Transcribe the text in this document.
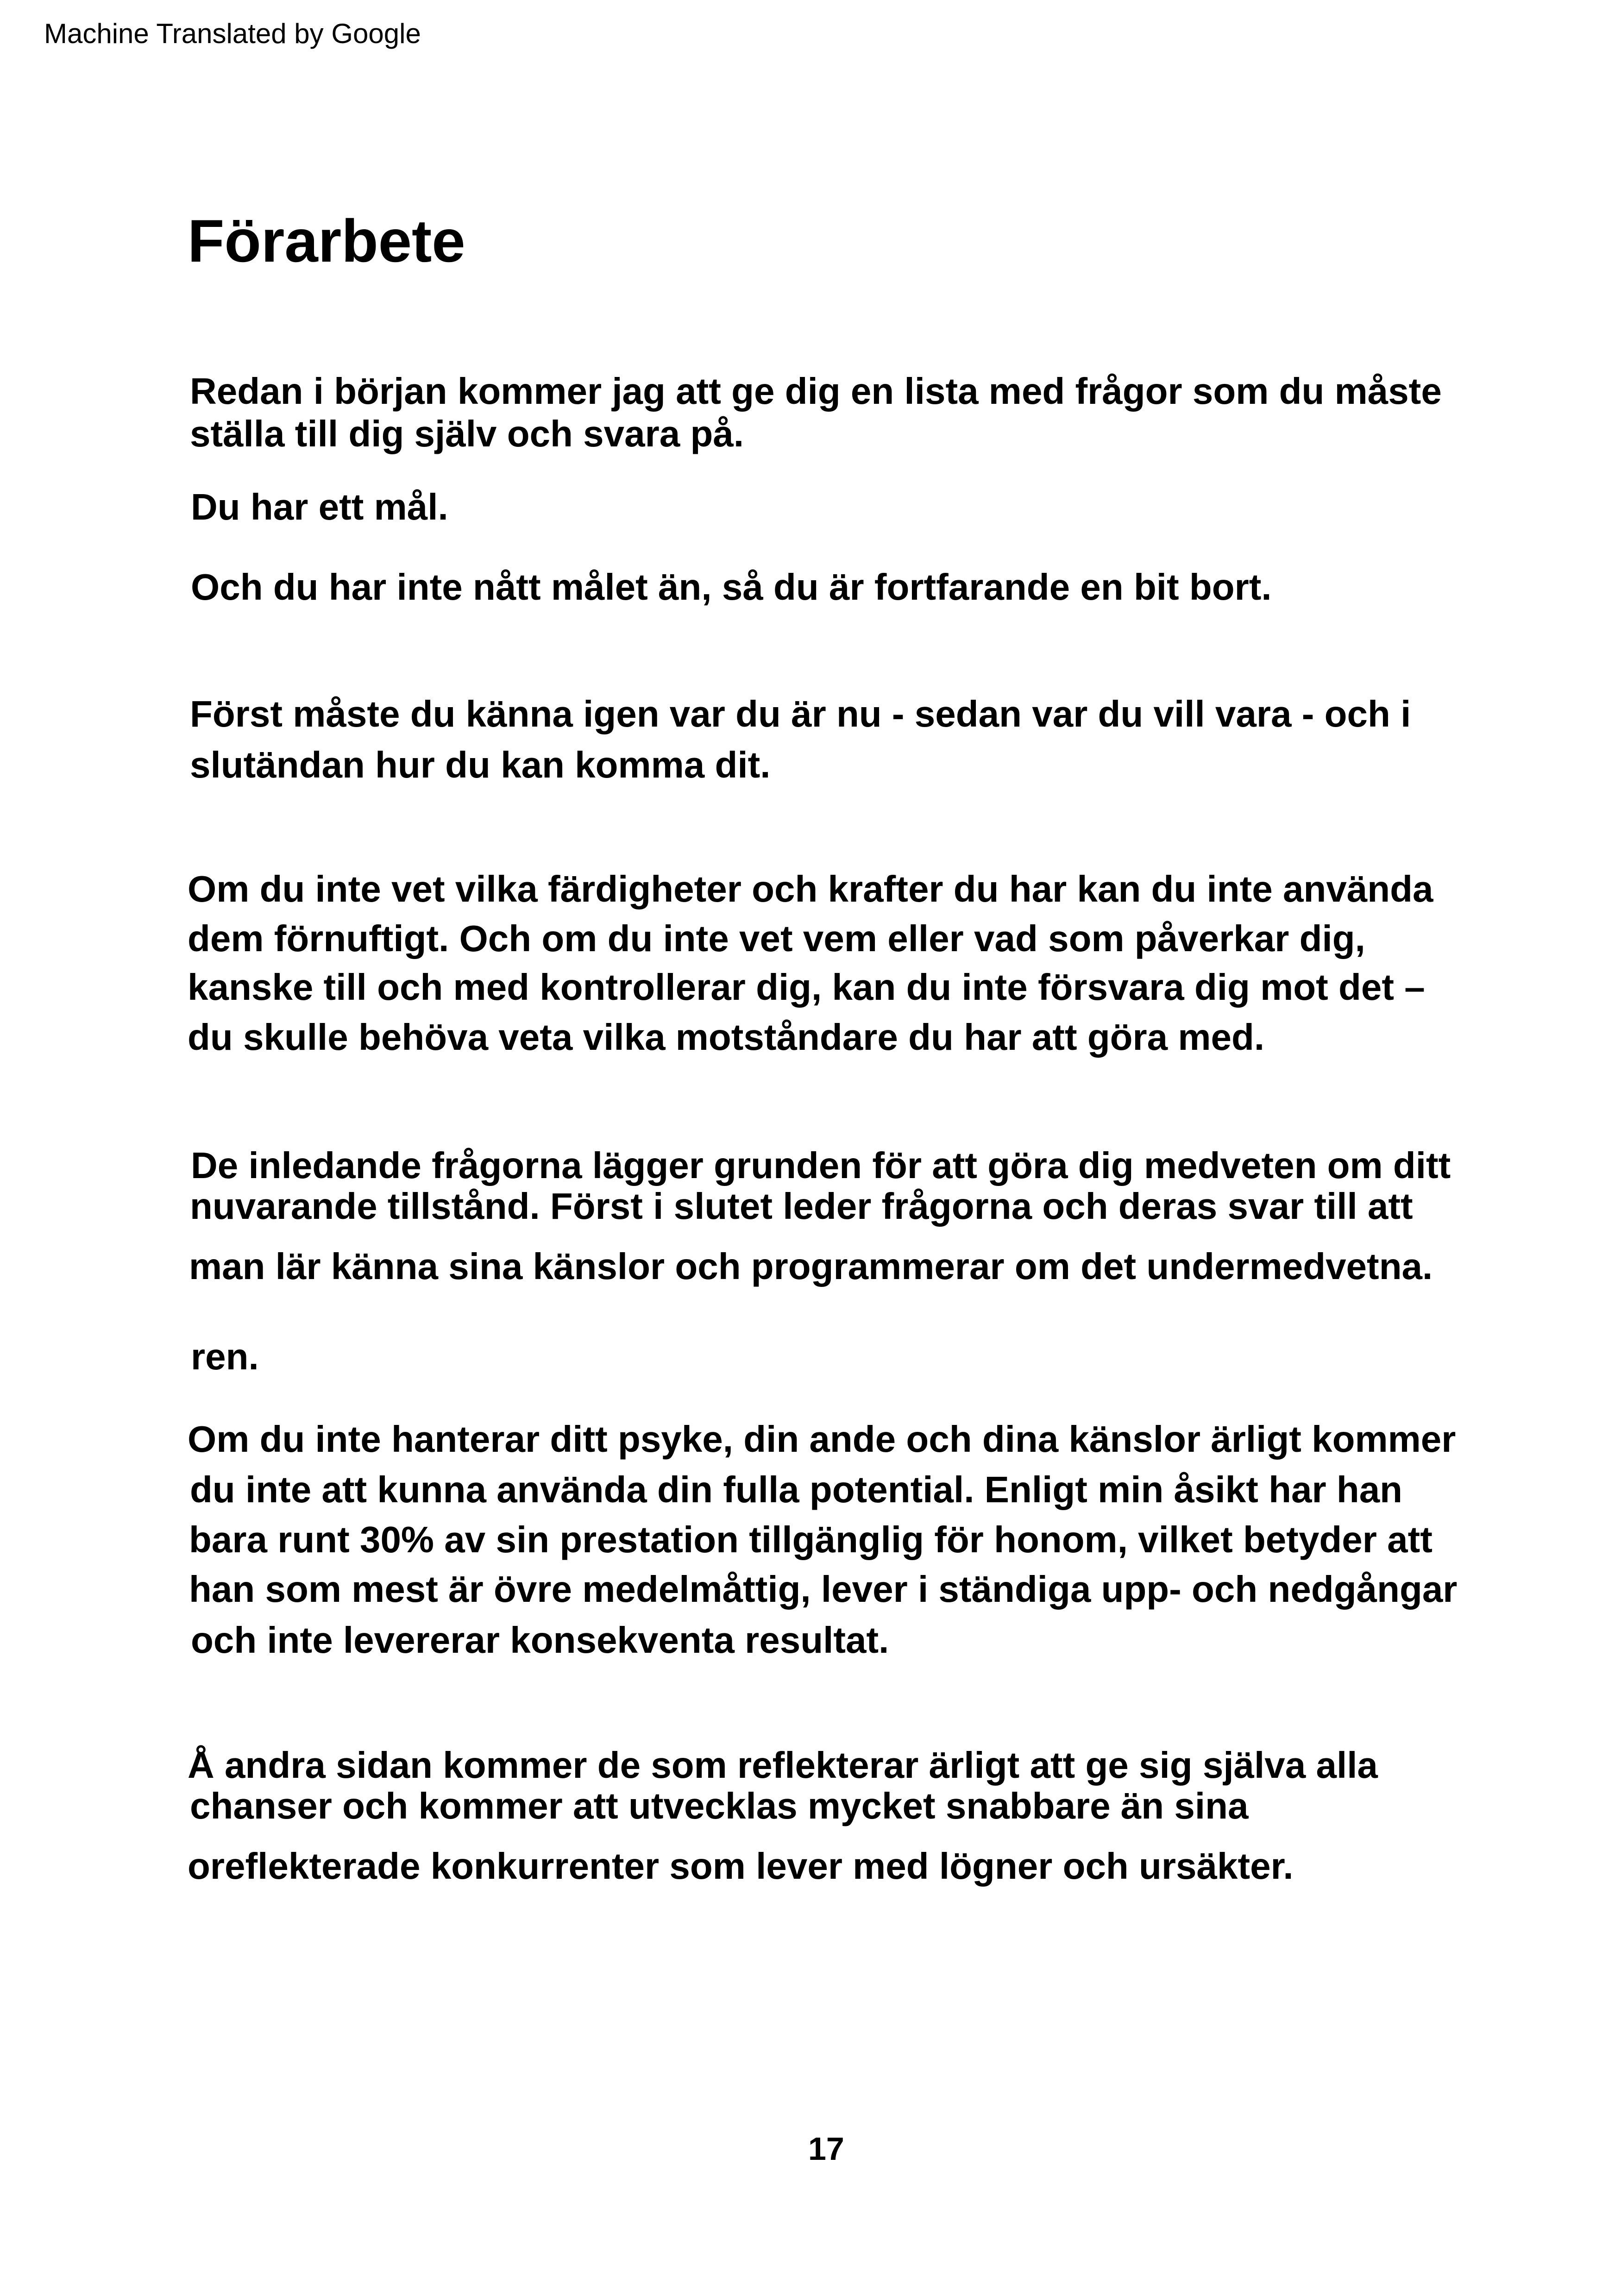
Machine Translated by Google
Förarbete
Redan i början kommer jag att ge dig en lista med frågor som du måste
ställa till dig själv och svara på.
Du har ett mål.
Och du har inte nått målet än, så du är fortfarande en bit bort.
Först måste du känna igen var du är nu - sedan var du vill vara - och i
slutändan hur du kan komma dit.
Om du inte vet vilka färdigheter och krafter du har kan du inte använda
dem förnuftigt. Och om du inte vet vem eller vad som påverkar dig,
kanske till och med kontrollerar dig, kan du inte försvara dig mot det –
du skulle behöva veta vilka motståndare du har att göra med.
De inledande frågorna lägger grunden för att göra dig medveten om ditt
nuvarande tillstånd. Först i slutet leder frågorna och deras svar till att
man lär känna sina känslor och programmerar om det undermedvetna.
ren.
Om du inte hanterar ditt psyke, din ande och dina känslor ärligt kommer
du inte att kunna använda din fulla potential. Enligt min åsikt har han
bara runt 30% av sin prestation tillgänglig för honom, vilket betyder att
han som mest är övre medelmåttig, lever i ständiga upp- och nedgångar
och inte levererar konsekventa resultat.
Å andra sidan kommer de som reflekterar ärligt att ge sig själva alla
chanser och kommer att utvecklas mycket snabbare än sina
oreflekterade konkurrenter som lever med lögner och ursäkter.
17
